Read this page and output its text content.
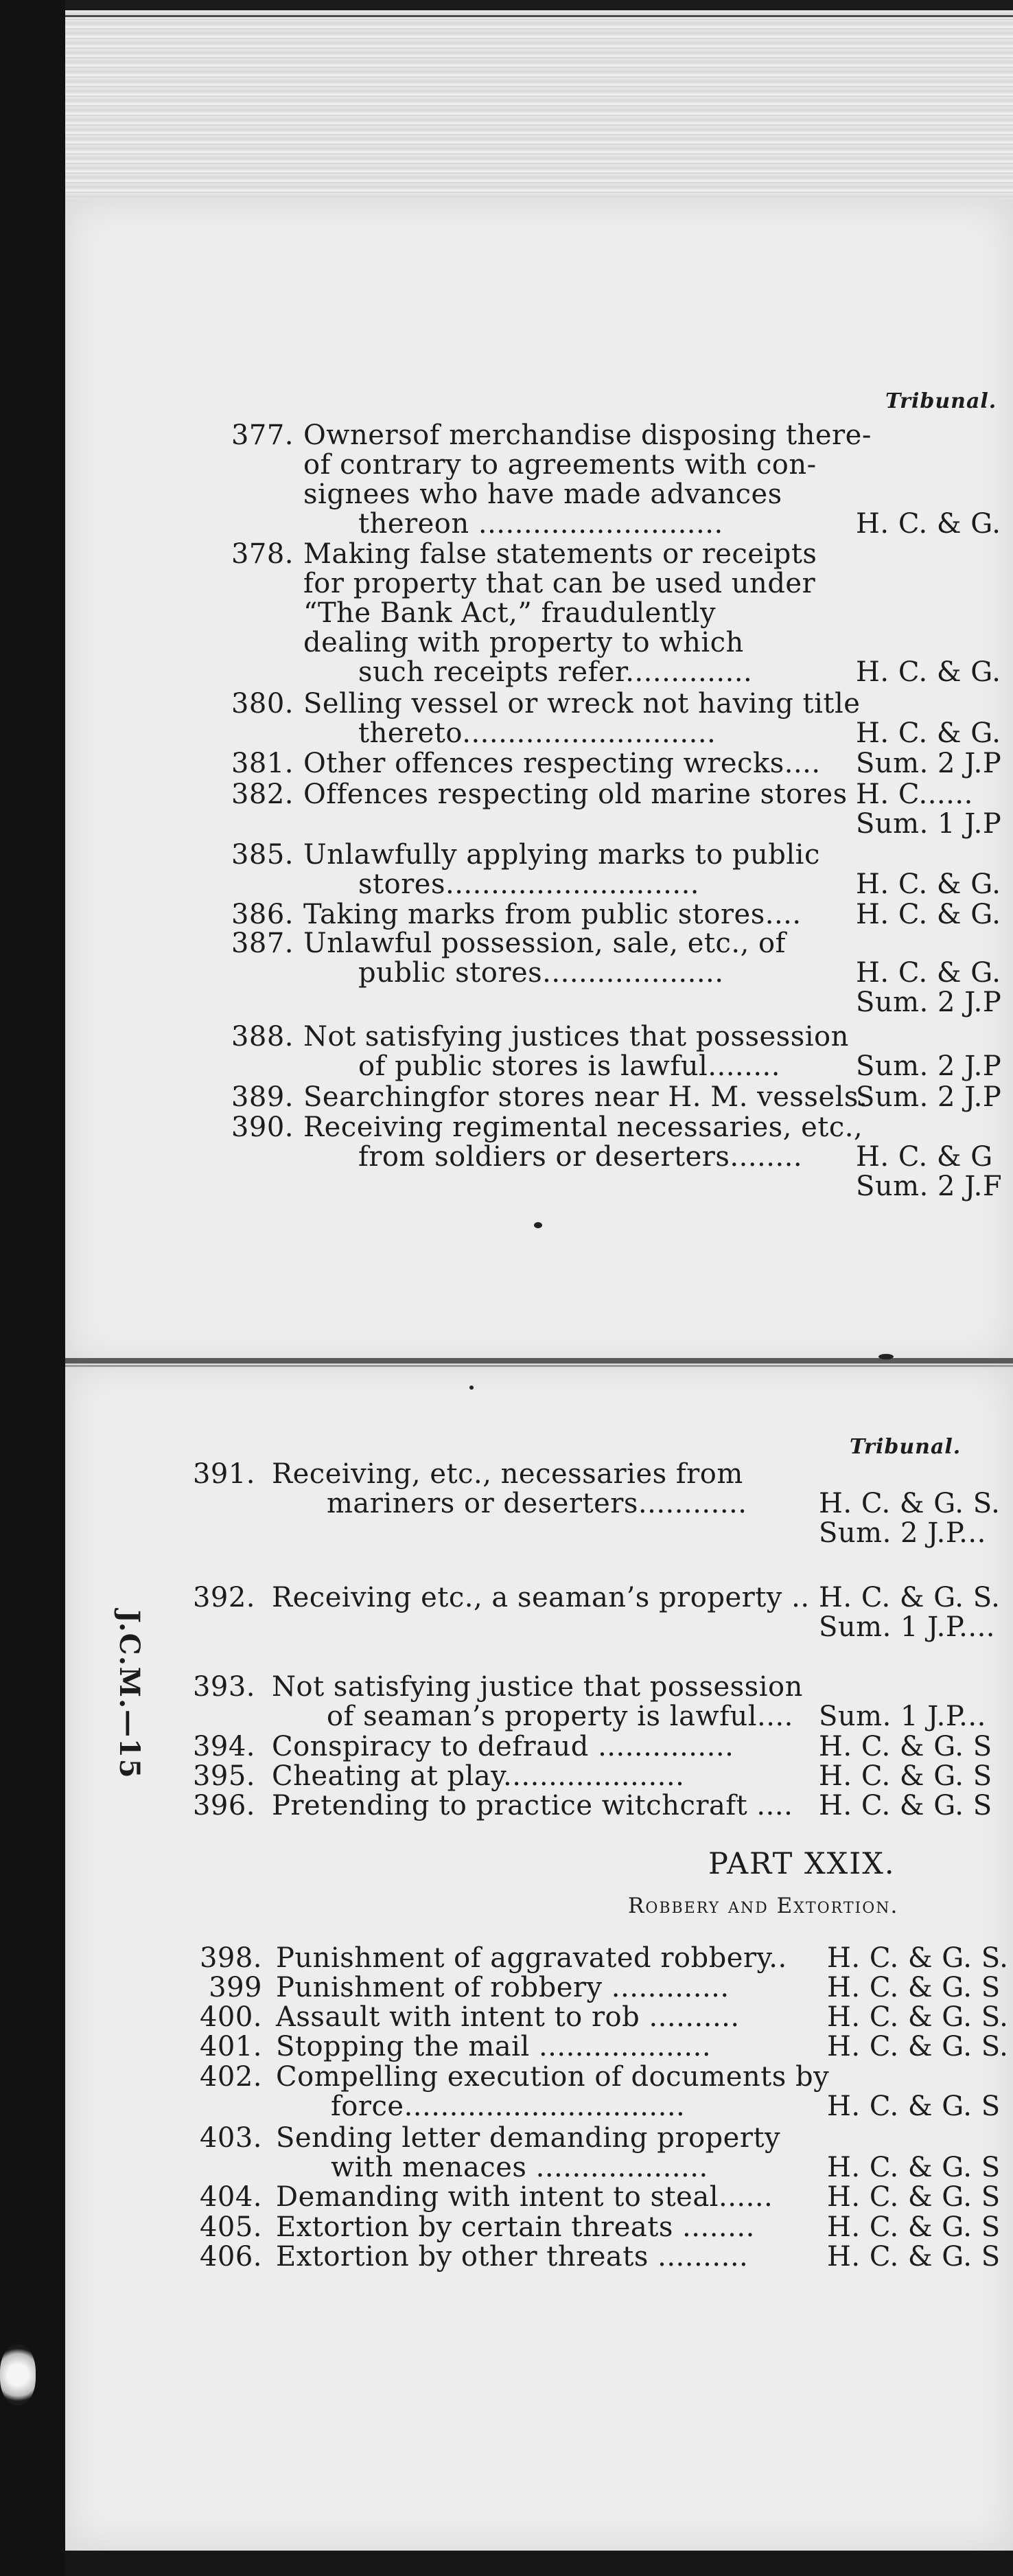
Tribunal.
Tribunal.
377. Ownersof merchandise disposing there-
of contrary to agreements with con-
signees who have made advances
thereon ...........................	H. C. & G.
378. Making false statements or receipts
for property that can be used under
“The Bank Act,” fraudulently
dealing with property to which
such receipts refer..............	H. C. & G.
380. Selling vessel or wreck not having title
thereto............................	H. C. & G.
381. Other offences respecting wrecks.... Sum. 2 J.P
382. Offences respecting old marine stores H. C......
Sum. 1 J.P
385. Unlawfully applying marks to public
stores............................	H. C. & G.
386. Taking marks from public stores.... H. C. & G.
387. Unlawful possession, sale, etc., of
public stores....................	H. C. & G.
Sum. 2 J.P
388. Not satisfying justices that possession
of public stores is lawful........	Sum. 2 J.P
389. Searchingfor stores near H. M. vessels.
Sum. 2 J.P
390. Receiving regimental necessaries, etc.,
from soldiers or deserters........ H. C. & G
Sum. 2 J.F
391. Receiving, etc., necessaries from
mariners or deserters............	H. C. & G. S.
Sum. 2 J.P...
392. Receiving etc., a seaman’s property .. H. C. & G. S.
Sum. 1 J.P....
393. Not satisfying justice that possession
of seaman’s property is lawful.... Sum. 1 J.P...
394. Conspiracy to defraud ...............	H. C. & G. S
395. Cheating at play....................	H. C. & G. S
396. Pretending to practice witchcraft .... H. C. & G. S
398. Punishment of aggravated robbery.. H. C. & G. S.
399 Punishment of robbery .............	H. C. & G. S
400. Assault with intent to rob ..........	H. C. & G. S.
401. Stopping the mail ...................	H. C. & G. S.
402. Compelling execution of documents by
force...............................	H. C. & G. S
403. Sending letter demanding property
with menaces ...................	H. C. & G. S
404. Demanding with intent to steal...... H. C. & G. S
405. Extortion by certain threats ........	H. C. & G. S
406. Extortion by other threats ..........	H. C. & G. S
PART XXIX.
Robbery and Extortion.
J.C.M.—15
